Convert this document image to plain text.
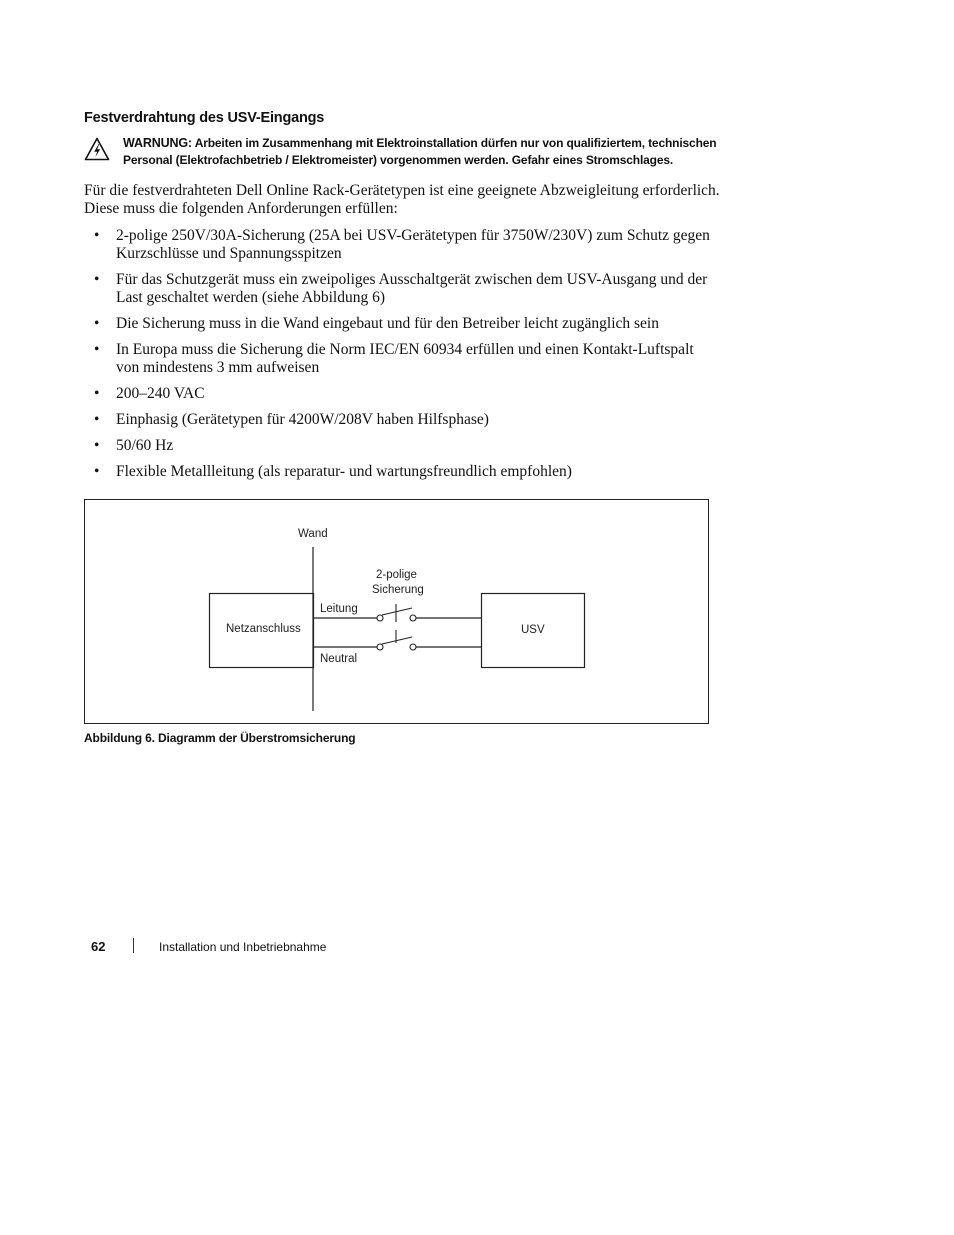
Festverdrahtung des USV-Eingangs
WARNUNG: Arbeiten im Zusammenhang mit Elektroinstallation dürfen nur von qualifiziertem, technischen
Personal (Elektrofachbetrieb / Elektromeister) vorgenommen werden. Gefahr eines Stromschlages.
Für die festverdrahteten Dell Online Rack-Gerätetypen ist eine geeignete Abzweigleitung erforderlich.
Diese muss die folgenden Anforderungen erfüllen:
• 2-polige 250V/30A-Sicherung (25A bei USV-Gerätetypen für 3750W/230V) zum Schutz gegen
Kurzschlüsse und Spannungsspitzen
• Für das Schutzgerät muss ein zweipoliges Ausschaltgerät zwischen dem USV-Ausgang und der
Last geschaltet werden (siehe Abbildung 6)
• Die Sicherung muss in die Wand eingebaut und für den Betreiber leicht zugänglich sein
• In Europa muss die Sicherung die Norm IEC/EN 60934 erfüllen und einen Kontakt-Luftspalt
von mindestens 3 mm aufweisen
• 200–240 VAC
• Einphasig (Gerätetypen für 4200W/208V haben Hilfsphase)
• 50/60 Hz
• Flexible Metallleitung (als reparatur- und wartungsfreundlich empfohlen)
Wand
2-polige
Sicherung
Netzanschluss
Leitung
Neutral
USV
Abbildung 6. Diagramm der Überstromsicherung
62	Installation und Inbetriebnahme
